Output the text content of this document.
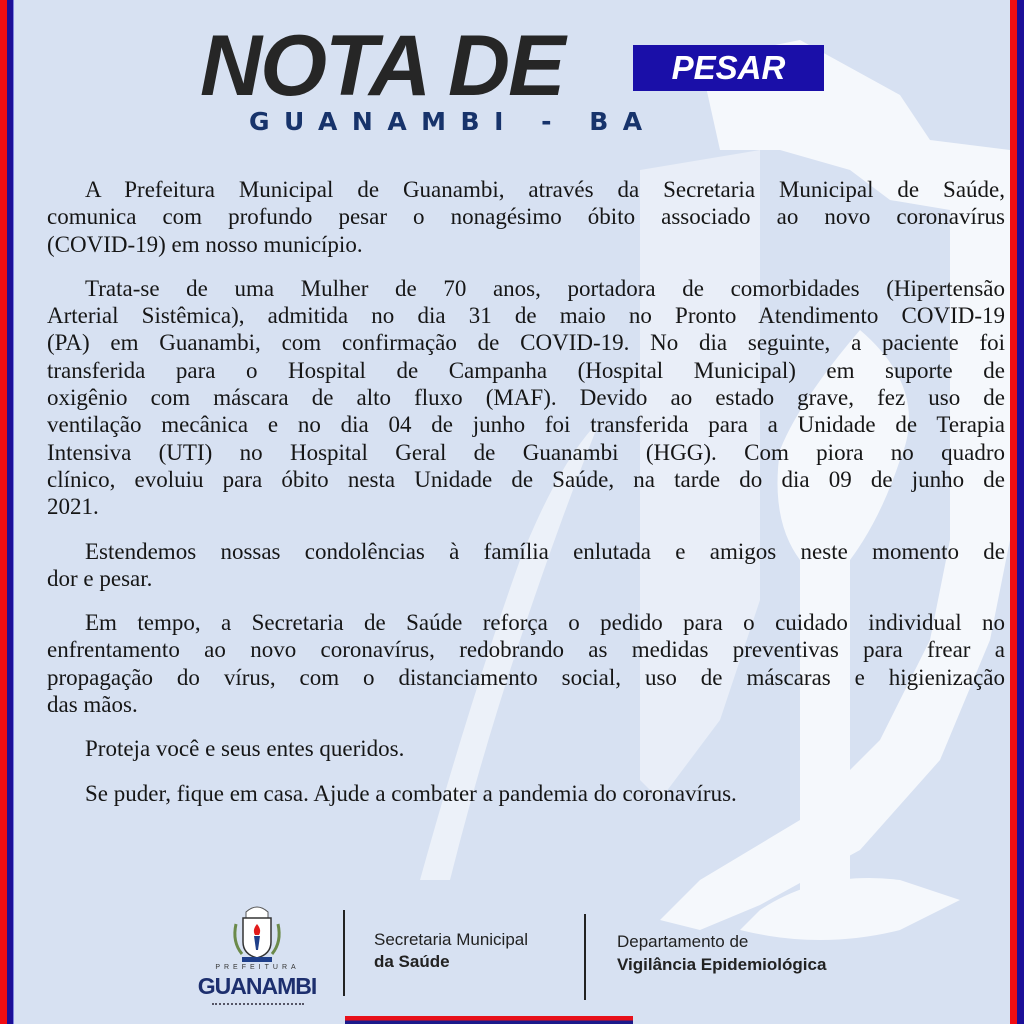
NOTA DE	PESAR
GUANAMBI - BA
A Prefeitura Municipal de Guanambi, através da Secretaria Municipal de Saúde,
comunica com profundo pesar o nonagésimo óbito associado ao novo coronavírus
(COVID-19) em nosso município.
Trata-se de uma Mulher de 70 anos, portadora de comorbidades (Hipertensão
Arterial Sistêmica), admitida no dia 31 de maio no Pronto Atendimento COVID-19
(PA) em Guanambi, com confirmação de COVID-19. No dia seguinte, a paciente foi
transferida para o Hospital de Campanha (Hospital Municipal) em suporte de
oxigênio com máscara de alto fluxo (MAF). Devido ao estado grave, fez uso de
ventilação mecânica e no dia 04 de junho foi transferida para a Unidade de Terapia
Intensiva (UTI) no Hospital Geral de Guanambi (HGG). Com piora no quadro
clínico, evoluiu para óbito nesta Unidade de Saúde, na tarde do dia 09 de junho de
2021.
Estendemos nossas condolências à família enlutada e amigos neste momento de
dor e pesar.
Em tempo, a Secretaria de Saúde reforça o pedido para o cuidado individual no
enfrentamento ao novo coronavírus, redobrando as medidas preventivas para frear a
propagação do vírus, com o distanciamento social, uso de máscaras e higienização
das mãos.
Proteja você e seus entes queridos.
Se puder, fique em casa. Ajude a combater a pandemia do coronavírus.
PREFEITURA
GUANAMBI
Secretaria Municipal
da Saúde
Departamento de
Vigilância Epidemiológica
